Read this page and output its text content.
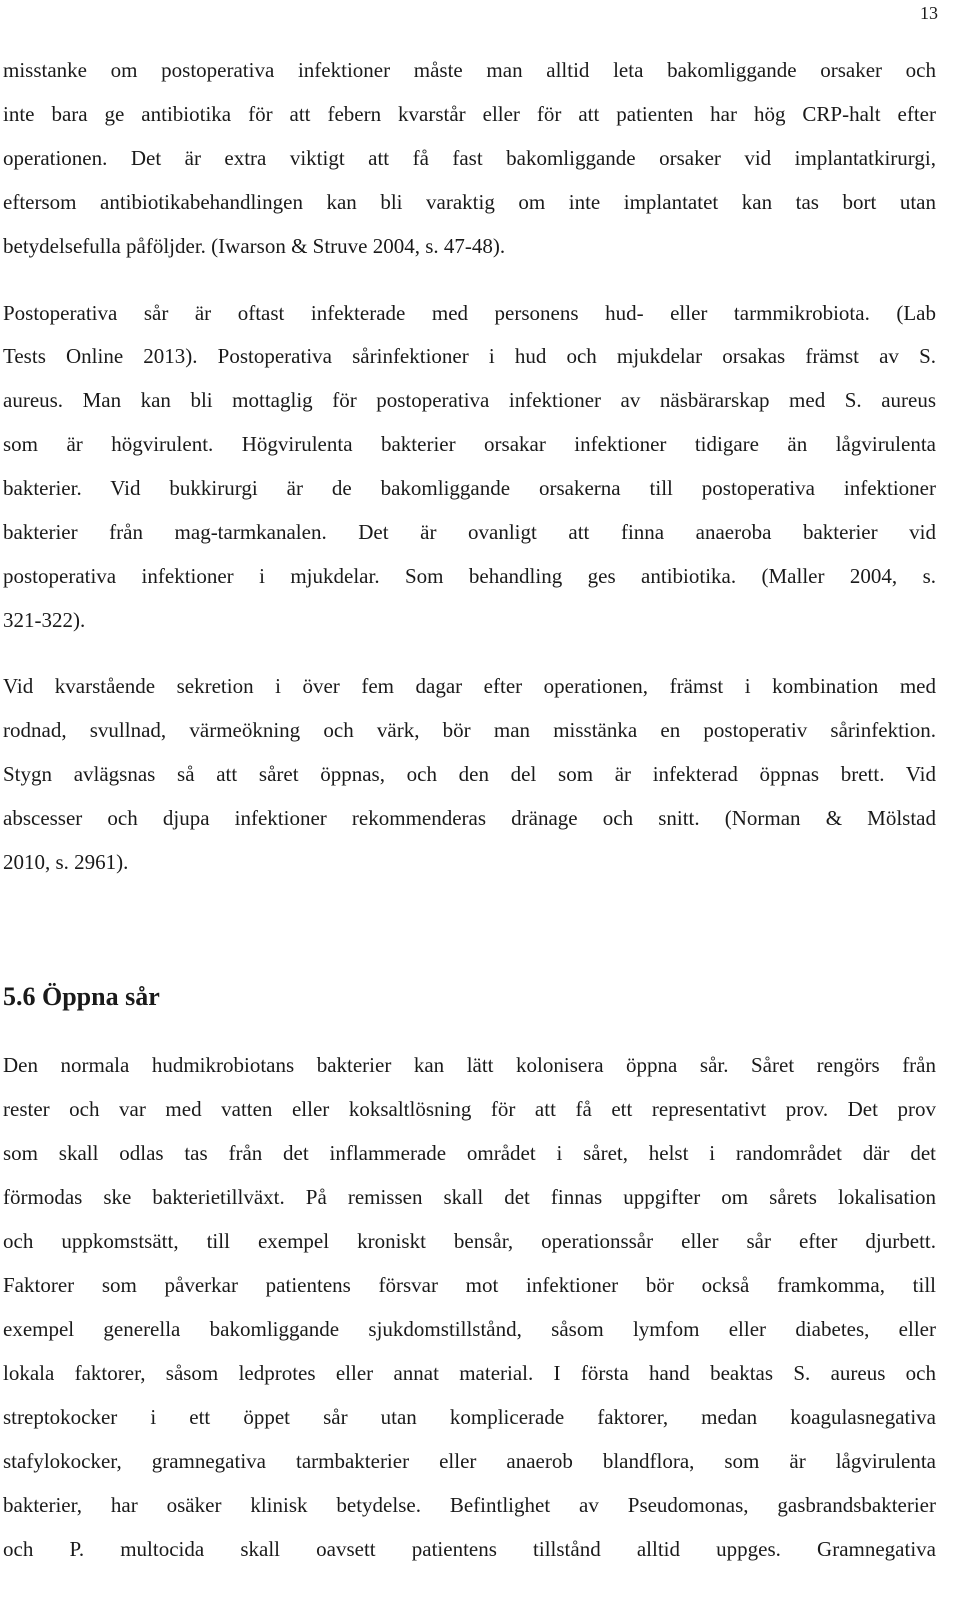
13
misstanke om postoperativa infektioner måste man alltid leta bakomliggande orsaker och
inte bara ge antibiotika för att febern kvarstår eller för att patienten har hög CRP-halt efter
operationen. Det är extra viktigt att få fast bakomliggande orsaker vid implantatkirurgi,
eftersom antibiotikabehandlingen kan bli varaktig om inte implantatet kan tas bort utan
betydelsefulla påföljder. (Iwarson & Struve 2004, s. 47-48).
Postoperativa sår är oftast infekterade med personens hud- eller tarmmikrobiota. (Lab
Tests Online 2013). Postoperativa sårinfektioner i hud och mjukdelar orsakas främst av S.
aureus. Man kan bli mottaglig för postoperativa infektioner av näsbärarskap med S. aureus
som är högvirulent. Högvirulenta bakterier orsakar infektioner tidigare än lågvirulenta
bakterier. Vid bukkirurgi är de bakomliggande orsakerna till postoperativa infektioner
bakterier från mag-tarmkanalen. Det är ovanligt att finna anaeroba bakterier vid
postoperativa infektioner i mjukdelar. Som behandling ges antibiotika. (Maller 2004, s.
321-322).
Vid kvarstående sekretion i över fem dagar efter operationen, främst i kombination med
rodnad, svullnad, värmeökning och värk, bör man misstänka en postoperativ sårinfektion.
Stygn avlägsnas så att såret öppnas, och den del som är infekterad öppnas brett. Vid
abscesser och djupa infektioner rekommenderas dränage och snitt. (Norman & Mölstad
2010, s. 2961).
5.6 Öppna sår
Den normala hudmikrobiotans bakterier kan lätt kolonisera öppna sår. Såret rengörs från
rester och var med vatten eller koksaltlösning för att få ett representativt prov. Det prov
som skall odlas tas från det inflammerade området i såret, helst i randområdet där det
förmodas ske bakterietillväxt. På remissen skall det finnas uppgifter om sårets lokalisation
och uppkomstsätt, till exempel kroniskt bensår, operationssår eller sår efter djurbett.
Faktorer som påverkar patientens försvar mot infektioner bör också framkomma, till
exempel generella bakomliggande sjukdomstillstånd, såsom lymfom eller diabetes, eller
lokala faktorer, såsom ledprotes eller annat material. I första hand beaktas S. aureus och
streptokocker i ett öppet sår utan komplicerade faktorer, medan koagulasnegativa
stafylokocker, gramnegativa tarmbakterier eller anaerob blandflora, som är lågvirulenta
bakterier, har osäker klinisk betydelse. Befintlighet av Pseudomonas, gasbrandsbakterier
och P. multocida skall oavsett patientens tillstånd alltid uppges. Gramnegativa
